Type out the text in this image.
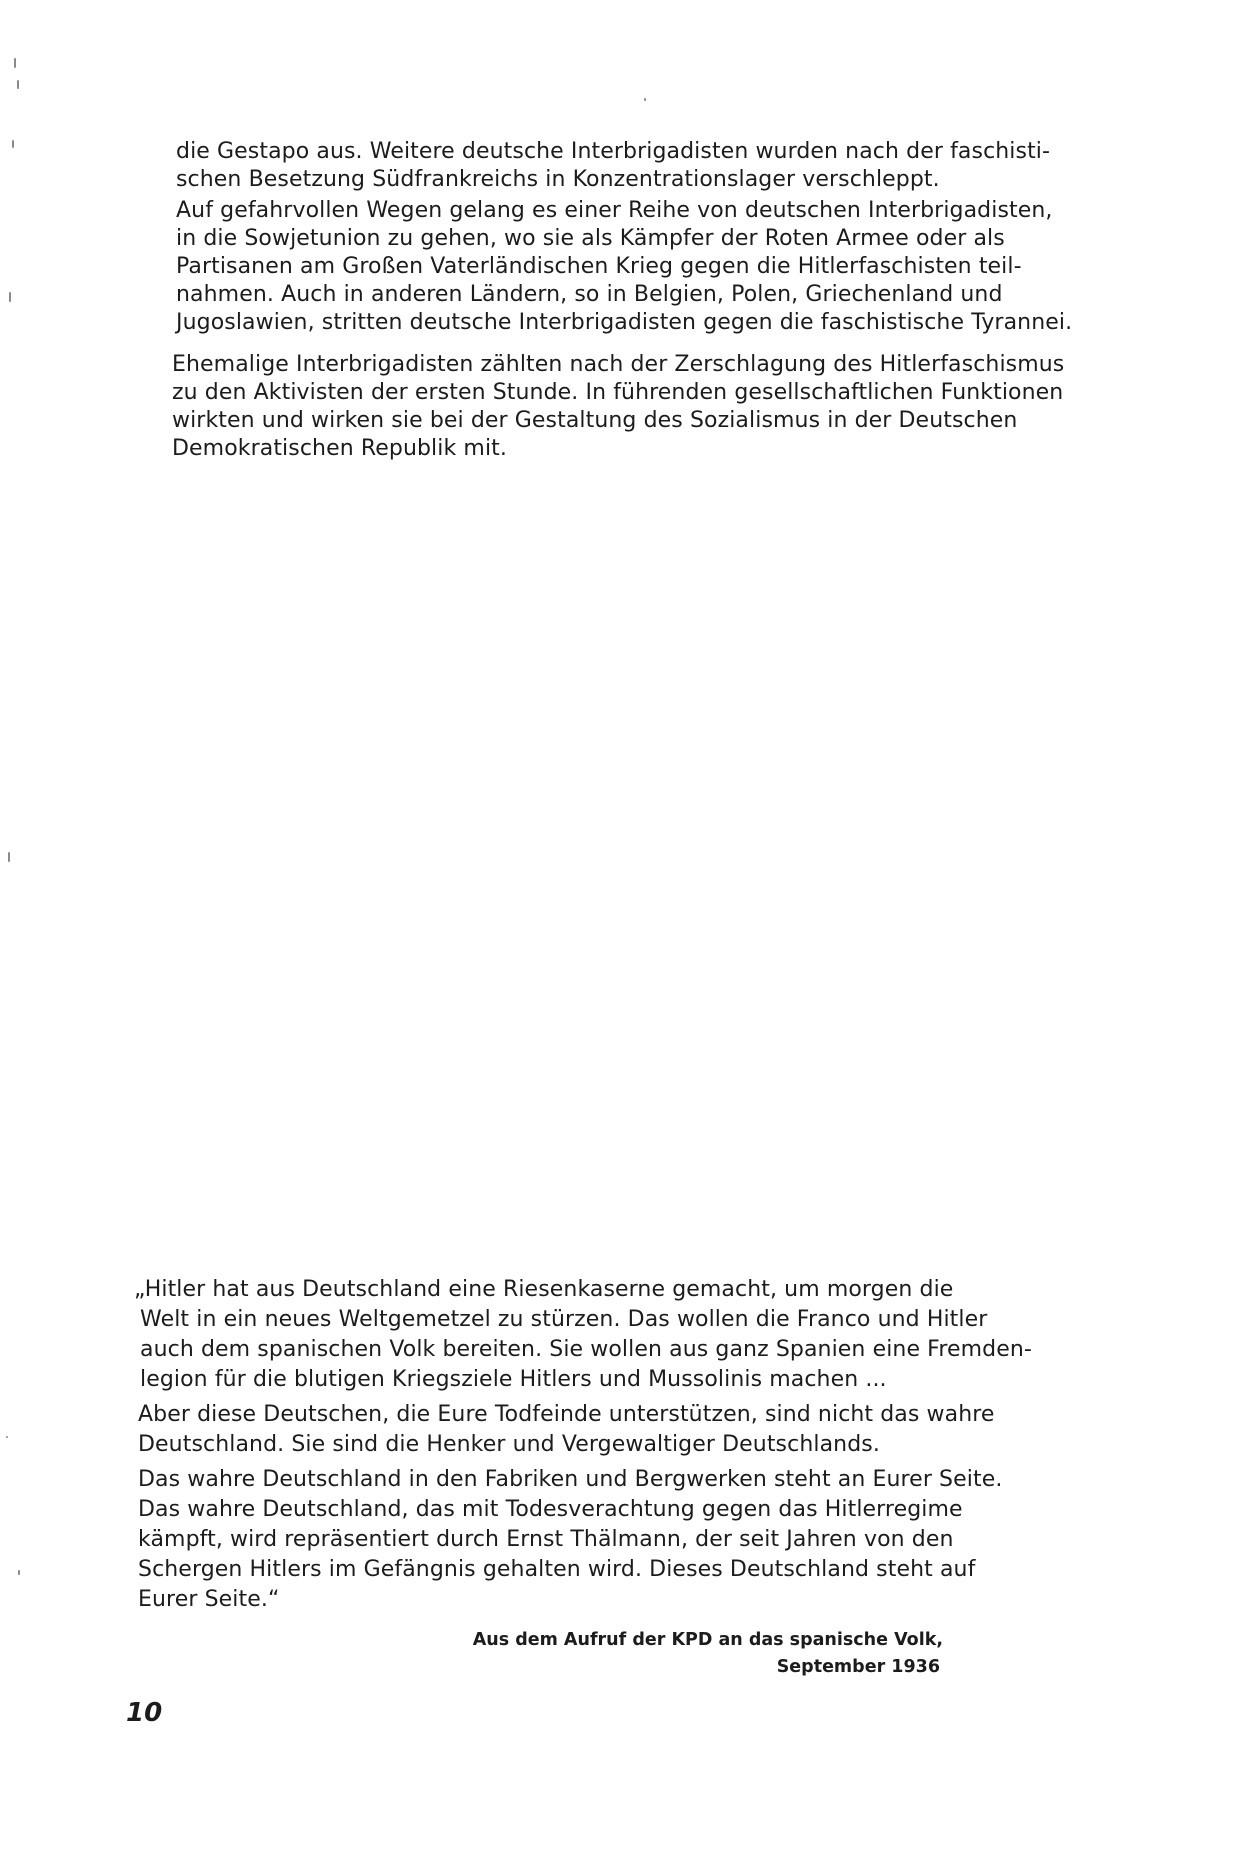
die Gestapo aus. Weitere deutsche Interbrigadisten wurden nach der faschisti-
schen Besetzung Südfrankreichs in Konzentrationslager verschleppt.
Auf gefahrvollen Wegen gelang es einer Reihe von deutschen Interbrigadisten,
in die Sowjetunion zu gehen, wo sie als Kämpfer der Roten Armee oder als
Partisanen am Großen Vaterländischen Krieg gegen die Hitlerfaschisten teil-
nahmen. Auch in anderen Ländern, so in Belgien, Polen, Griechenland und
Jugoslawien, stritten deutsche Interbrigadisten gegen die faschistische Tyrannei.
Ehemalige Interbrigadisten zählten nach der Zerschlagung des Hitlerfaschismus
zu den Aktivisten der ersten Stunde. In führenden gesellschaftlichen Funktionen
wirkten und wirken sie bei der Gestaltung des Sozialismus in der Deutschen
Demokratischen Republik mit.
„Hitler hat aus Deutschland eine Riesenkaserne gemacht, um morgen die
Welt in ein neues Weltgemetzel zu stürzen. Das wollen die Franco und Hitler
auch dem spanischen Volk bereiten. Sie wollen aus ganz Spanien eine Fremden-
legion für die blutigen Kriegsziele Hitlers und Mussolinis machen ...
Aber diese Deutschen, die Eure Todfeinde unterstützen, sind nicht das wahre
Deutschland. Sie sind die Henker und Vergewaltiger Deutschlands.
Das wahre Deutschland in den Fabriken und Bergwerken steht an Eurer Seite.
Das wahre Deutschland, das mit Todesverachtung gegen das Hitlerregime
kämpft, wird repräsentiert durch Ernst Thälmann, der seit Jahren von den
Schergen Hitlers im Gefängnis gehalten wird. Dieses Deutschland steht auf
Eurer Seite.“
Aus dem Aufruf der KPD an das spanische Volk,
September 1936
10
